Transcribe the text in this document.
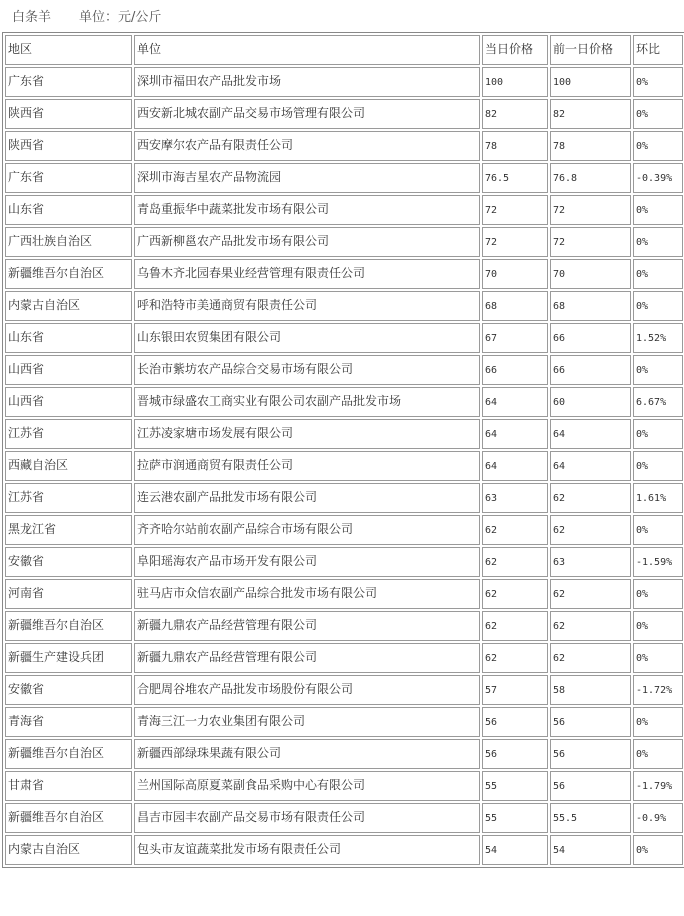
白条羊 单位：元/公斤
地区	单位	当日价格	前一日价格	环比
广东省	深圳市福田农产品批发市场	100	100	0%
陕西省	西安新北城农副产品交易市场管理有限公司	82	82	0%
陕西省	西安摩尔农产品有限责任公司	78	78	0%
广东省	深圳市海吉星农产品物流园	76.5	76.8	-0.39%
山东省	青岛重振华中蔬菜批发市场有限公司	72	72	0%
广西壮族自治区	广西新柳邕农产品批发市场有限公司	72	72	0%
新疆维吾尔自治区	乌鲁木齐北园春果业经营管理有限责任公司	70	70	0%
内蒙古自治区	呼和浩特市美通商贸有限责任公司	68	68	0%
山东省	山东银田农贸集团有限公司	67	66	1.52%
山西省	长治市紫坊农产品综合交易市场有限公司	66	66	0%
山西省	晋城市绿盛农工商实业有限公司农副产品批发市场	64	60	6.67%
江苏省	江苏凌家塘市场发展有限公司	64	64	0%
西藏自治区	拉萨市润通商贸有限责任公司	64	64	0%
江苏省	连云港农副产品批发市场有限公司	63	62	1.61%
黑龙江省	齐齐哈尔站前农副产品综合市场有限公司	62	62	0%
安徽省	阜阳瑶海农产品市场开发有限公司	62	63	-1.59%
河南省	驻马店市众信农副产品综合批发市场有限公司	62	62	0%
新疆维吾尔自治区	新疆九鼎农产品经营管理有限公司	62	62	0%
新疆生产建设兵团	新疆九鼎农产品经营管理有限公司	62	62	0%
安徽省	合肥周谷堆农产品批发市场股份有限公司	57	58	-1.72%
青海省	青海三江一力农业集团有限公司	56	56	0%
新疆维吾尔自治区	新疆西部绿珠果蔬有限公司	56	56	0%
甘肃省	兰州国际高原夏菜副食品采购中心有限公司	55	56	-1.79%
新疆维吾尔自治区	昌吉市园丰农副产品交易市场有限责任公司	55	55.5	-0.9%
内蒙古自治区	包头市友谊蔬菜批发市场有限责任公司	54	54	0%
